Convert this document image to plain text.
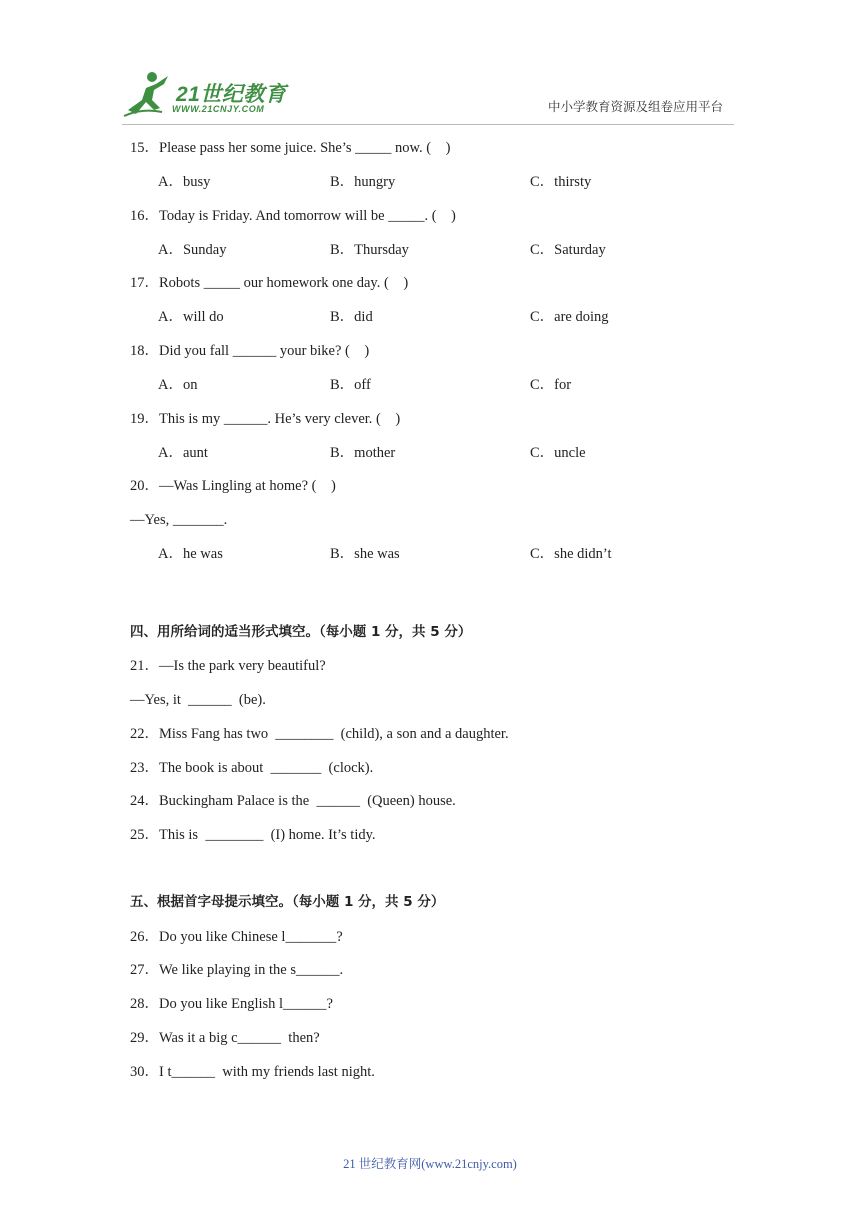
21世纪教育
WWW.21CNJY.COM	中小学教育资源及组卷应用平台
15．Please pass her some juice. She’s _____ now. (    )
A．busy	B．hungry	C．thirsty
16．Today is Friday. And tomorrow will be _____. (    )
A．Sunday	B．Thursday	C．Saturday
17．Robots _____ our homework one day. (    )
A．will do	B．did	C．are doing
18．Did you fall ______ your bike? (    )
A．on	B．off	C．for
19．This is my ______. He’s very clever. (    )
A．aunt	B．mother	C．uncle
20．—Was Lingling at home? (    )
—Yes, _______.
A．he was	B．she was	C．she didn’t
四、用所给词的适当形式填空。（每小题 1 分，共 5 分）
21．—Is the park very beautiful?
—Yes, it  ______  (be).
22．Miss Fang has two  ________  (child), a son and a daughter.
23．The book is about  _______  (clock).
24．Buckingham Palace is the  ______  (Queen) house.
25．This is  ________  (I) home. It’s tidy.
五、根据首字母提示填空。（每小题 1 分，共 5 分）
26．Do you like Chinese l_______?
27．We like playing in the s______.
28．Do you like English l______?
29．Was it a big c______  then?
30．I t______  with my friends last night.
21 世纪教育网(www.21cnjy.com)
